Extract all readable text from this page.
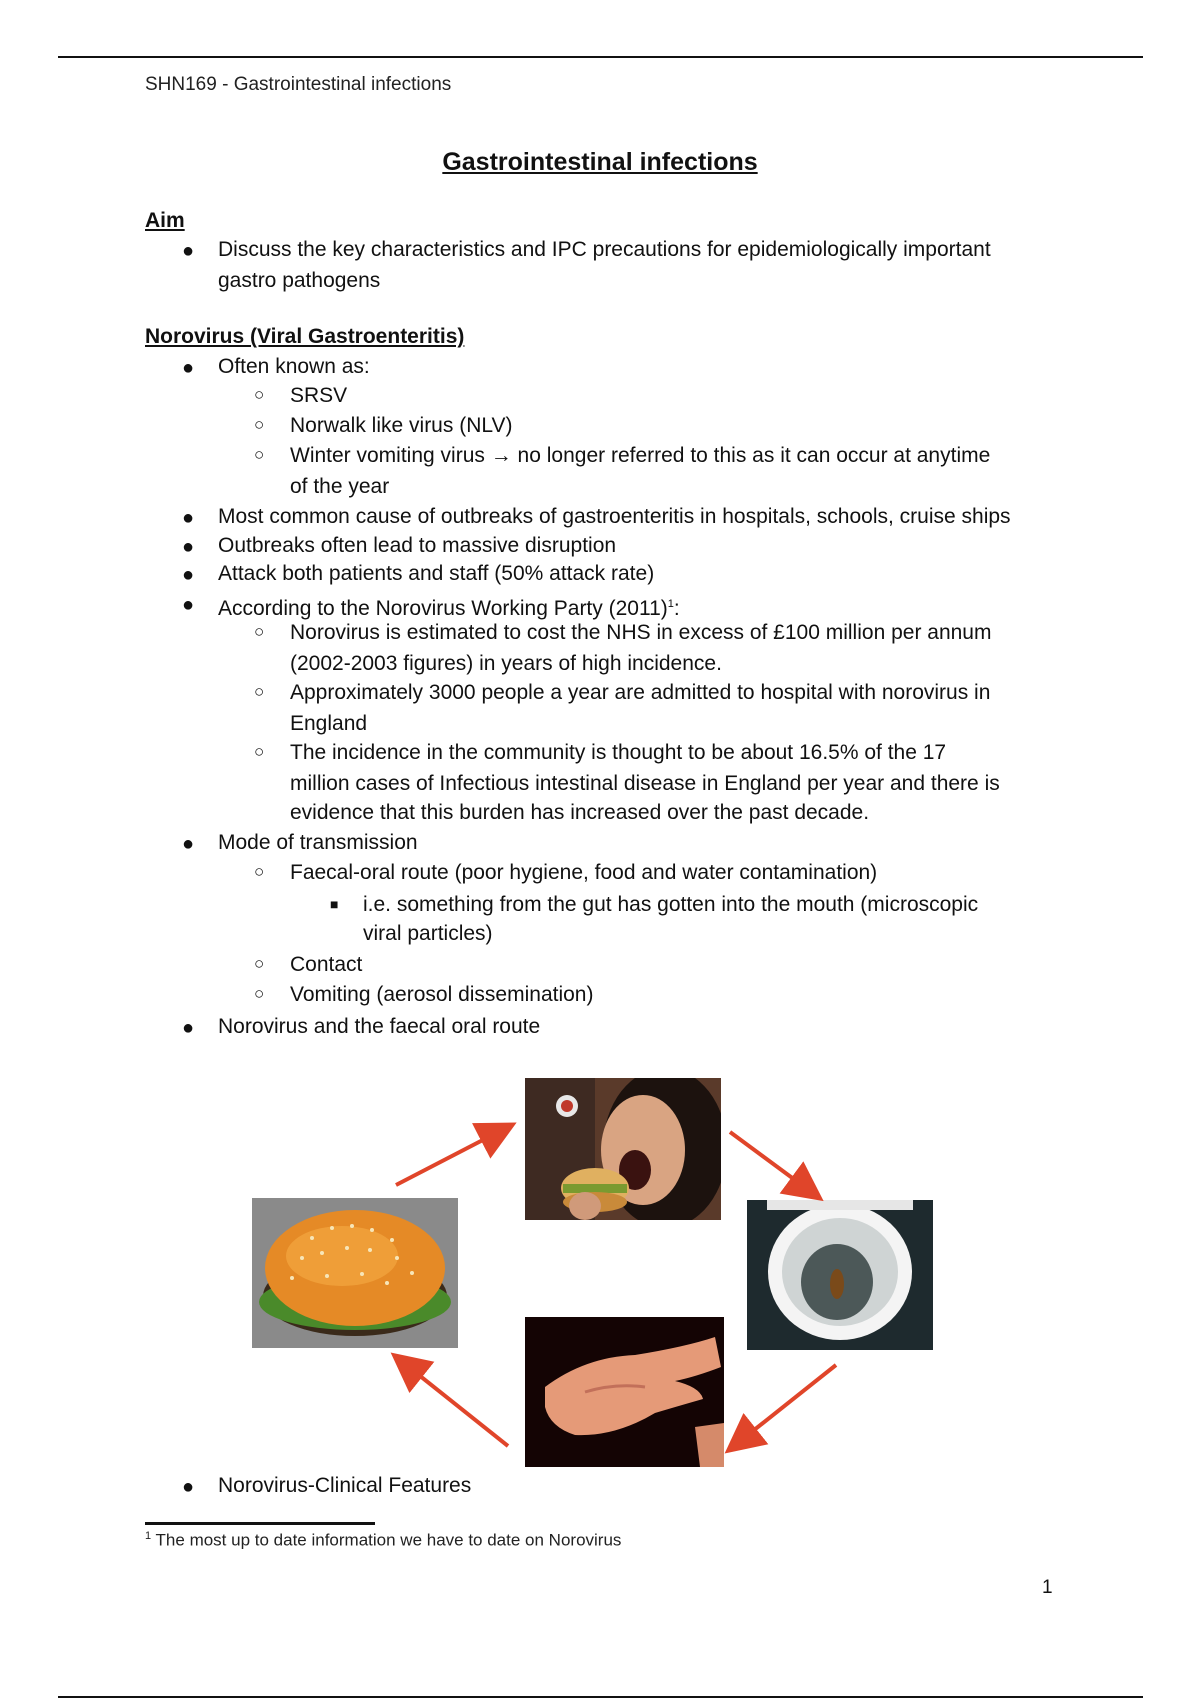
SHN169 - Gastrointestinal infections
Gastrointestinal infections
Aim
● Discuss the key characteristics and IPC precautions for epidemiologically important
gastro pathogens
Norovirus (Viral Gastroenteritis)
● Often known as:
○ SRSV
○ Norwalk like virus (NLV)
○ Winter vomiting virus → no longer referred to this as it can occur at anytime
of the year
● Most common cause of outbreaks of gastroenteritis in hospitals, schools, cruise ships
● Outbreaks often lead to massive disruption
● Attack both patients and staff (50% attack rate)
● According to the Norovirus Working Party $(2011)^1$:
○ Norovirus is estimated to cost the NHS in excess of £100 million per annum
(2002-2003 figures) in years of high incidence.
○ Approximately 3000 people a year are admitted to hospital with norovirus in
England
○ The incidence in the community is thought to be about 16.5% of the 17
million cases of Infectious intestinal disease in England per year and there is
evidence that this burden has increased over the past decade.
● Mode of transmission
○ Faecal-oral route (poor hygiene, food and water contamination)
■ i.e. something from the gut has gotten into the mouth (microscopic
viral particles)
○ Contact
○ Vomiting (aerosol dissemination)
● Norovirus and the faecal oral route
● Norovirus-Clinical Features
$^1$ The most up to date information we have to date on Norovirus
1
